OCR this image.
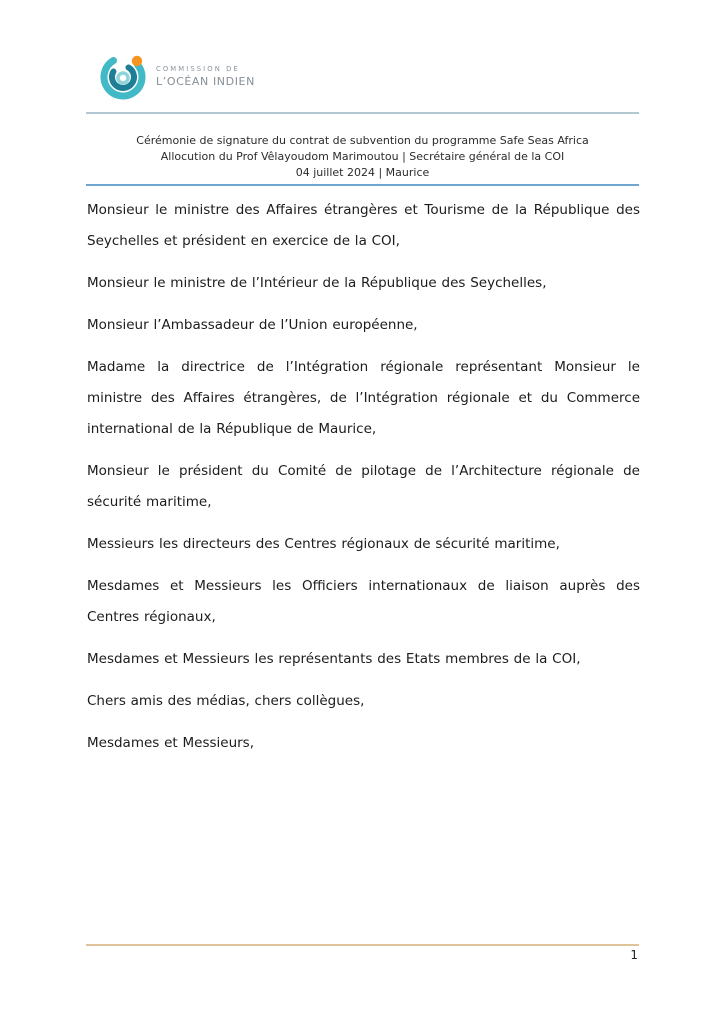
COMMISSION DE
L’OCÉAN INDIEN
Cérémonie de signature du contrat de subvention du programme Safe Seas Africa
Allocution du Prof Vêlayoudom Marimoutou | Secrétaire général de la COI
04 juillet 2024 | Maurice

Monsieur le ministre des Affaires étrangères et Tourisme de la République des Seychelles et président en exercice de la COI,

Monsieur le ministre de l’Intérieur de la République des Seychelles,

Monsieur l’Ambassadeur de l’Union européenne,

Madame la directrice de l’Intégration régionale représentant Monsieur le ministre des Affaires étrangères, de l’Intégration régionale et du Commerce international de la République de Maurice,

Monsieur le président du Comité de pilotage de l’Architecture régionale de sécurité maritime,

Messieurs les directeurs des Centres régionaux de sécurité maritime,

Mesdames et Messieurs les Officiers internationaux de liaison auprès des Centres régionaux,

Mesdames et Messieurs les représentants des Etats membres de la COI,

Chers amis des médias, chers collègues,

Mesdames et Messieurs,

1
